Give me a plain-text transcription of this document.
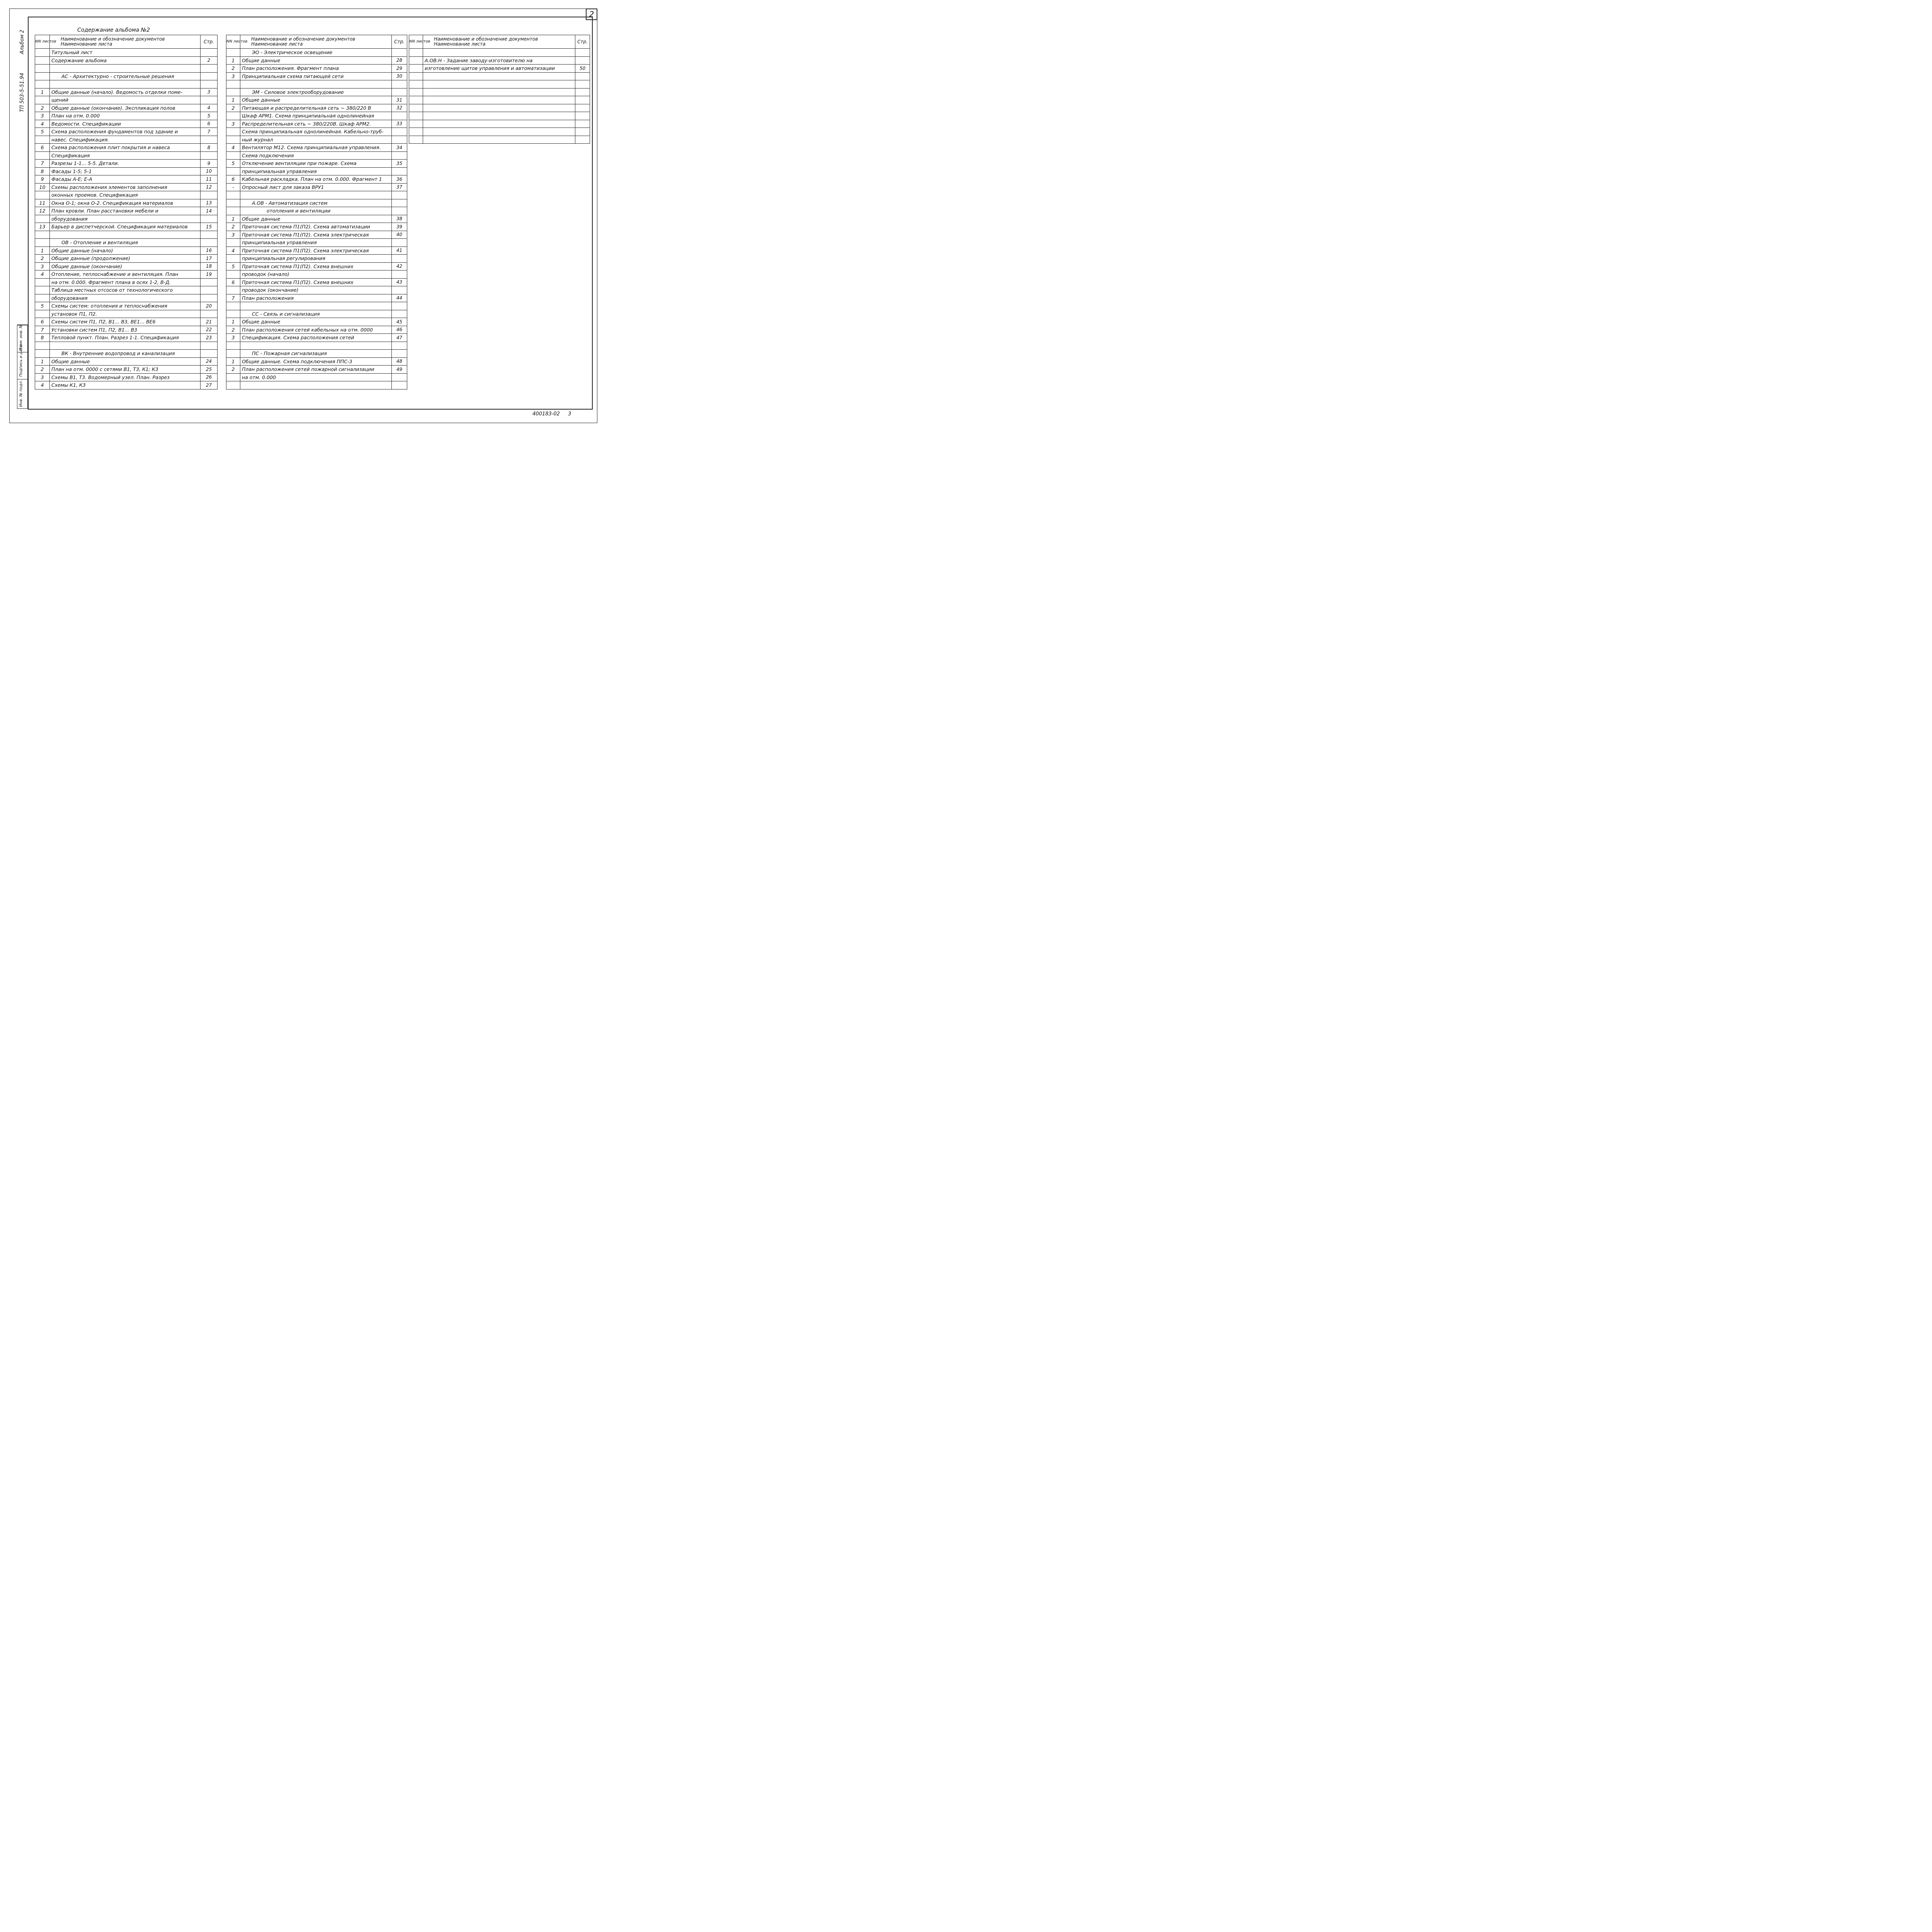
2
ТП 503-5-51.94
Альбом 2
Инв. № подл.
Подпись и дата
Взам. инв. №
Содержание альбома №2
NN листов	Наименование и обозначение документов
Наименование листа	Стр.
	Титульный лист	
	Содержание альбома	2

	АС - Архитектурно - строительные решения	

1	Общие данные (начало). Ведомость отделки поме-	3
	щений	
2	Общие данные (окончание). Экспликация полов	4
3	План на отм. 0.000	5
4	Ведомости. Спецификации	6
5	Схема расположения фундаментов под здание и	7
	навес. Спецификация.	
6	Схема расположения плит покрытия и навеса	8
	Спецификация	
7	Разрезы 1-1... 5-5. Детали.	9
8	Фасады 1-5; 5-1	10
9	Фасады А-Е; Е-А	11
10	Схемы расположения элементов заполнения	12
	оконных проемов. Спецификация	
11	Окна О-1; окна О-2. Спецификация материалов	13
12	План кровли. План расстановки мебели и	14
	оборудования	
13	Барьер в диспетчерской. Спецификация материалов	15

	ОВ - Отопление и вентиляция	
1	Общие данные (начало)	16
2	Общие данные (продолжение)	17
3	Общие данные (окончание)	18
4	Отопление, теплоснабжение и вентиляция. План	19
	на отм. 0.000. Фрагмент плана в осях 1-2, В-Д.	
	Таблица местных отсосов от технологического	
	оборудования	
5	Схемы систем: отопления и теплоснабжения	20
	установок П1, П2.	
6	Схемы систем П1, П2, В1... В3, ВЕ1... ВЕ6	21
7	Установки систем П1, П2, В1... В3	22
8	Тепловой пункт. План. Разрез 1-1. Спецификация	23

	ВК - Внутренние водопровод и канализация	
1	Общие данные	24
2	План на отм. 0000 с сетями В1, Т3, К1; К3	25
3	Схемы В1, Т3. Водомерный узел. План. Разрез	26
4	Схемы К1, К3	27
NN листов	Наименование и обозначение документов
Наименование листа	Стр.
	ЭО - Электрическое освещение	
1	Общие данные	28
2	План расположения. Фрагмент плана	29
3	Принципиальная схема питающей сети	30

	ЭМ - Силовое электрооборудование	
1	Общие данные	31
2	Питающая и распределительная сеть ~ 380/220 В	32
	Шкаф АРМ1. Схема принципиальная однолинейная	
3	Распределительная сеть ~ 380/220В. Шкаф АРМ2.	33
	Схема принципиальная однолинейная. Кабельно-труб-	
	ный журнал	
4	Вентилятор М12. Схема принципиальная управления.	34
	Схема подключения	
5	Отключение вентиляции при пожаре. Схема	35
	принципиальная управления	
6	Кабельная раскладка. План на отм. 0.000. Фрагмент 1	36
-	Опросный лист для заказа ВРУ1	37

	А.ОВ - Автоматизация систем	
	отопления и вентиляции	
1	Общие данные	38
2	Приточная система П1(П2). Схема автоматизации	39
3	Приточная система П1(П2). Схема электрическая	40
	принципиальная управления	
4	Приточная система П1(П2). Схема электрическая	41
	принципиальная регулирования	
5	Приточная система П1(П2). Схема внешних	42
	проводок (начало)	
6	Приточная система П1(П2). Схема внешних	43
	проводок (окончание)	
7	План расположения	44

	СС - Связь и сигнализация	
1	Общие данные	45
2	План расположения сетей кабельных на отм. 0000	46
3	Спецификация. Схема расположения сетей	47

	ПС - Пожарная сигнализация	
1	Общие данные. Схема подключения ППС-3	48
2	План расположения сетей пожарной сигнализации	49
	на отм. 0.000	

NN листов	Наименование и обозначение документов
Наименование листа	Стр.

	А.ОВ.Н - Задание заводу-изготовителю на	
	изготовление щитов управления и автоматизации	50

400183-02 3
